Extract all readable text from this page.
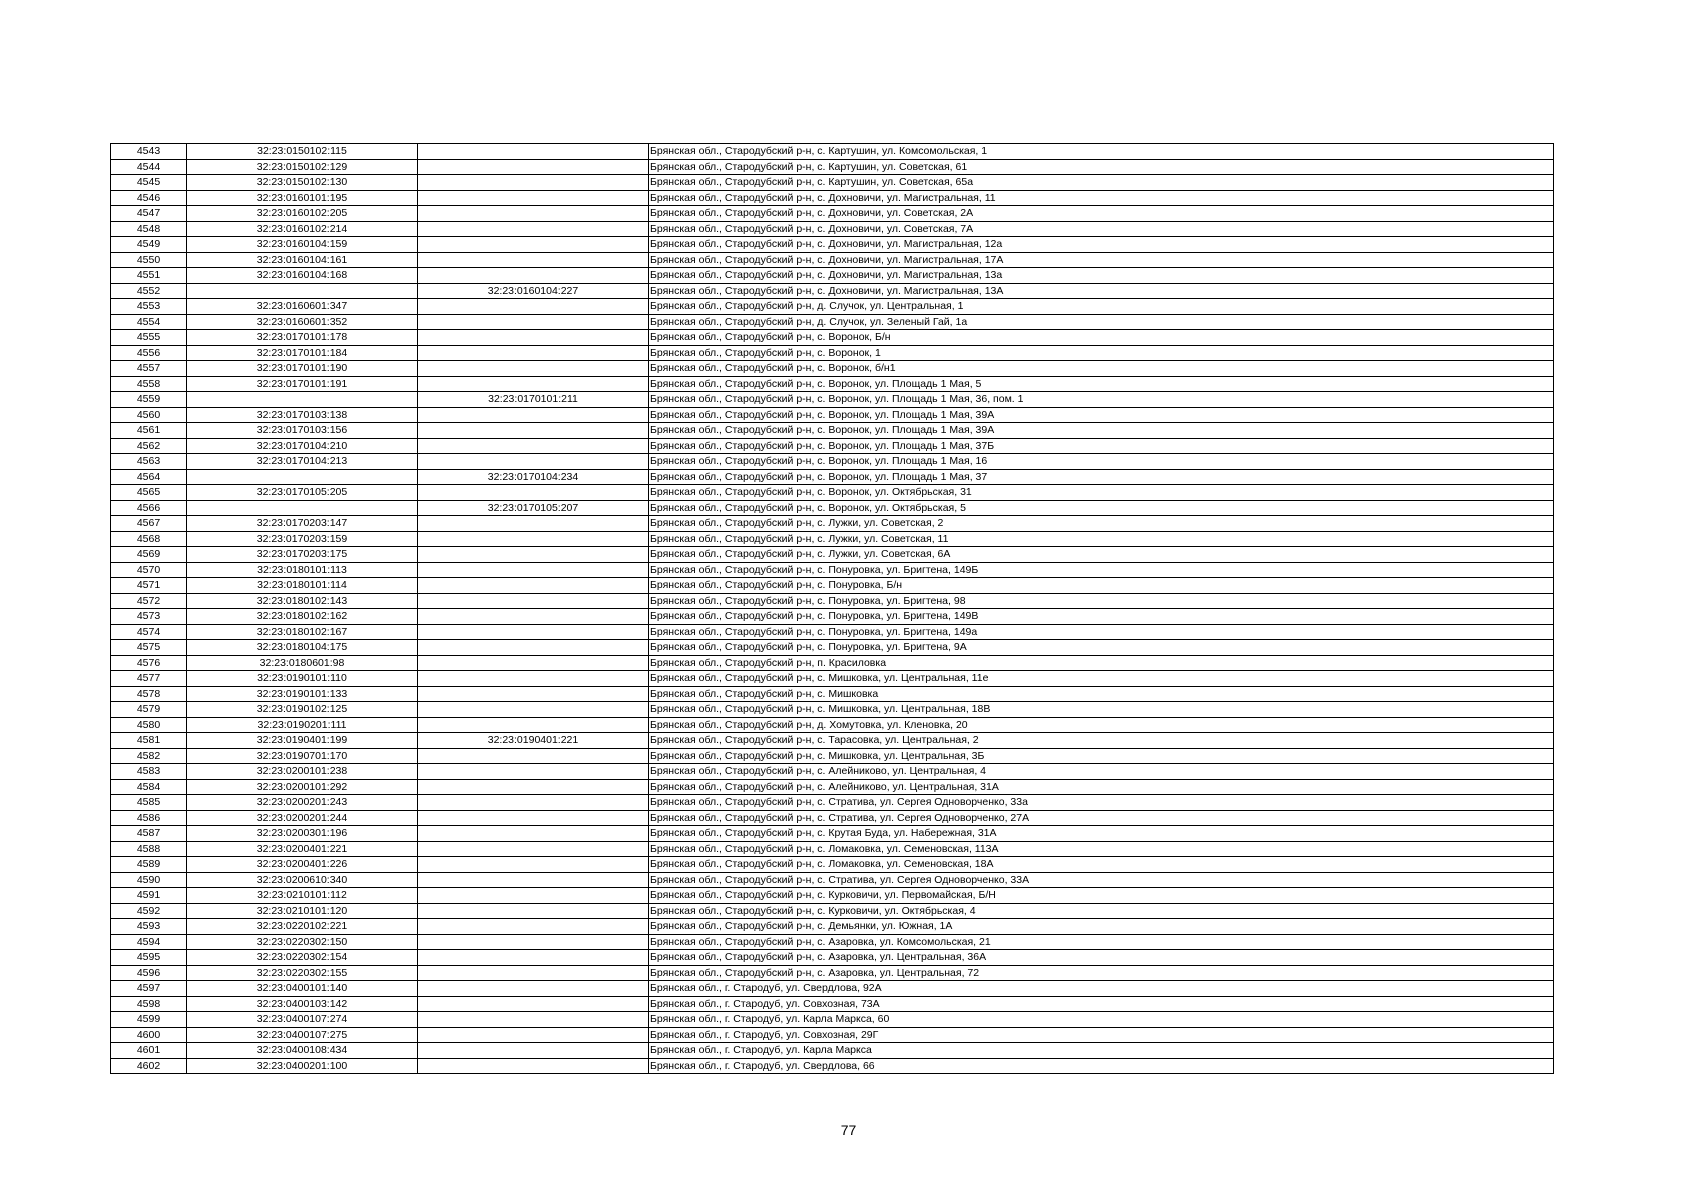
4543	32:23:0150102:115		Брянская обл., Стародубский р-н, с. Картушин, ул. Комсомольская, 1
4544	32:23:0150102:129		Брянская обл., Стародубский р-н, с. Картушин, ул. Советская, 61
4545	32:23:0150102:130		Брянская обл., Стародубский р-н, с. Картушин, ул. Советская, 65а
4546	32:23:0160101:195		Брянская обл., Стародубский р-н, с. Дохновичи, ул. Магистральная, 11
4547	32:23:0160102:205		Брянская обл., Стародубский р-н, с. Дохновичи, ул. Советская, 2А
4548	32:23:0160102:214		Брянская обл., Стародубский р-н, с. Дохновичи, ул. Советская, 7А
4549	32:23:0160104:159		Брянская обл., Стародубский р-н, с. Дохновичи, ул. Магистральная, 12а
4550	32:23:0160104:161		Брянская обл., Стародубский р-н, с. Дохновичи, ул. Магистральная, 17А
4551	32:23:0160104:168		Брянская обл., Стародубский р-н, с. Дохновичи, ул. Магистральная, 13а
4552		32:23:0160104:227	Брянская обл., Стародубский р-н, с. Дохновичи, ул. Магистральная, 13А
4553	32:23:0160601:347		Брянская обл., Стародубский р-н, д. Случок, ул. Центральная, 1
4554	32:23:0160601:352		Брянская обл., Стародубский р-н, д. Случок, ул. Зеленый Гай, 1а
4555	32:23:0170101:178		Брянская обл., Стародубский р-н, с. Воронок, Б/н
4556	32:23:0170101:184		Брянская обл., Стародубский р-н, с. Воронок, 1
4557	32:23:0170101:190		Брянская обл., Стародубский р-н, с. Воронок, б/н1
4558	32:23:0170101:191		Брянская обл., Стародубский р-н, с. Воронок, ул. Площадь 1 Мая, 5
4559		32:23:0170101:211	Брянская обл., Стародубский р-н, с. Воронок, ул. Площадь 1 Мая, 36, пом. 1
4560	32:23:0170103:138		Брянская обл., Стародубский р-н, с. Воронок, ул. Площадь 1 Мая, 39А
4561	32:23:0170103:156		Брянская обл., Стародубский р-н, с. Воронок, ул. Площадь 1 Мая, 39А
4562	32:23:0170104:210		Брянская обл., Стародубский р-н, с. Воронок, ул. Площадь 1 Мая, 37Б
4563	32:23:0170104:213		Брянская обл., Стародубский р-н, с. Воронок, ул. Площадь 1 Мая, 16
4564		32:23:0170104:234	Брянская обл., Стародубский р-н, с. Воронок, ул. Площадь 1 Мая, 37
4565	32:23:0170105:205		Брянская обл., Стародубский р-н, с. Воронок, ул. Октябрьская, 31
4566		32:23:0170105:207	Брянская обл., Стародубский р-н, с. Воронок, ул. Октябрьская, 5
4567	32:23:0170203:147		Брянская обл., Стародубский р-н, с. Лужки, ул. Советская, 2
4568	32:23:0170203:159		Брянская обл., Стародубский р-н, с. Лужки, ул. Советская, 11
4569	32:23:0170203:175		Брянская обл., Стародубский р-н, с. Лужки, ул. Советская, 6А
4570	32:23:0180101:113		Брянская обл., Стародубский р-н, с. Понуровка, ул. Бригтена, 149Б
4571	32:23:0180101:114		Брянская обл., Стародубский р-н, с. Понуровка, Б/н
4572	32:23:0180102:143		Брянская обл., Стародубский р-н, с. Понуровка, ул. Бригтена, 98
4573	32:23:0180102:162		Брянская обл., Стародубский р-н, с. Понуровка, ул. Бригтена, 149В
4574	32:23:0180102:167		Брянская обл., Стародубский р-н, с. Понуровка, ул. Бригтена, 149а
4575	32:23:0180104:175		Брянская обл., Стародубский р-н, с. Понуровка, ул. Бригтена, 9А
4576	32:23:0180601:98		Брянская обл., Стародубский р-н, п. Красиловка
4577	32:23:0190101:110		Брянская обл., Стародубский р-н, с. Мишковка, ул. Центральная, 11е
4578	32:23:0190101:133		Брянская обл., Стародубский р-н, с. Мишковка
4579	32:23:0190102:125		Брянская обл., Стародубский р-н, с. Мишковка, ул. Центральная, 18В
4580	32:23:0190201:111		Брянская обл., Стародубский р-н, д. Хомутовка, ул. Кленовка, 20
4581	32:23:0190401:199	32:23:0190401:221	Брянская обл., Стародубский р-н, с. Тарасовка, ул. Центральная, 2
4582	32:23:0190701:170		Брянская обл., Стародубский р-н, с. Мишковка, ул. Центральная, 3Б
4583	32:23:0200101:238		Брянская обл., Стародубский р-н, с. Алейниково, ул. Центральная, 4
4584	32:23:0200101:292		Брянская обл., Стародубский р-н, с. Алейниково, ул. Центральная, 31А
4585	32:23:0200201:243		Брянская обл., Стародубский р-н, с. Стратива, ул. Сергея Одноворченко, 33а
4586	32:23:0200201:244		Брянская обл., Стародубский р-н, с. Стратива, ул. Сергея Одноворченко, 27А
4587	32:23:0200301:196		Брянская обл., Стародубский р-н, с. Крутая Буда, ул. Набережная, 31А
4588	32:23:0200401:221		Брянская обл., Стародубский р-н, с. Ломаковка, ул. Семеновская, 113А
4589	32:23:0200401:226		Брянская обл., Стародубский р-н, с. Ломаковка, ул. Семеновская, 18А
4590	32:23:0200610:340		Брянская обл., Стародубский р-н, с. Стратива, ул. Сергея Одноворченко, 33А
4591	32:23:0210101:112		Брянская обл., Стародубский р-н, с. Курковичи, ул. Первомайская, Б/Н
4592	32:23:0210101:120		Брянская обл., Стародубский р-н, с. Курковичи, ул. Октябрьская, 4
4593	32:23:0220102:221		Брянская обл., Стародубский р-н, с. Демьянки, ул. Южная, 1А
4594	32:23:0220302:150		Брянская обл., Стародубский р-н, с. Азаровка, ул. Комсомольская, 21
4595	32:23:0220302:154		Брянская обл., Стародубский р-н, с. Азаровка, ул. Центральная, 36А
4596	32:23:0220302:155		Брянская обл., Стародубский р-н, с. Азаровка, ул. Центральная, 72
4597	32:23:0400101:140		Брянская обл., г. Стародуб, ул. Свердлова, 92А
4598	32:23:0400103:142		Брянская обл., г. Стародуб, ул. Совхозная, 73А
4599	32:23:0400107:274		Брянская обл., г. Стародуб, ул. Карла Маркса, 60
4600	32:23:0400107:275		Брянская обл., г. Стародуб, ул. Совхозная, 29Г
4601	32:23:0400108:434		Брянская обл., г. Стародуб, ул. Карла Маркса
4602	32:23:0400201:100		Брянская обл., г. Стародуб, ул. Свердлова, 66
77
